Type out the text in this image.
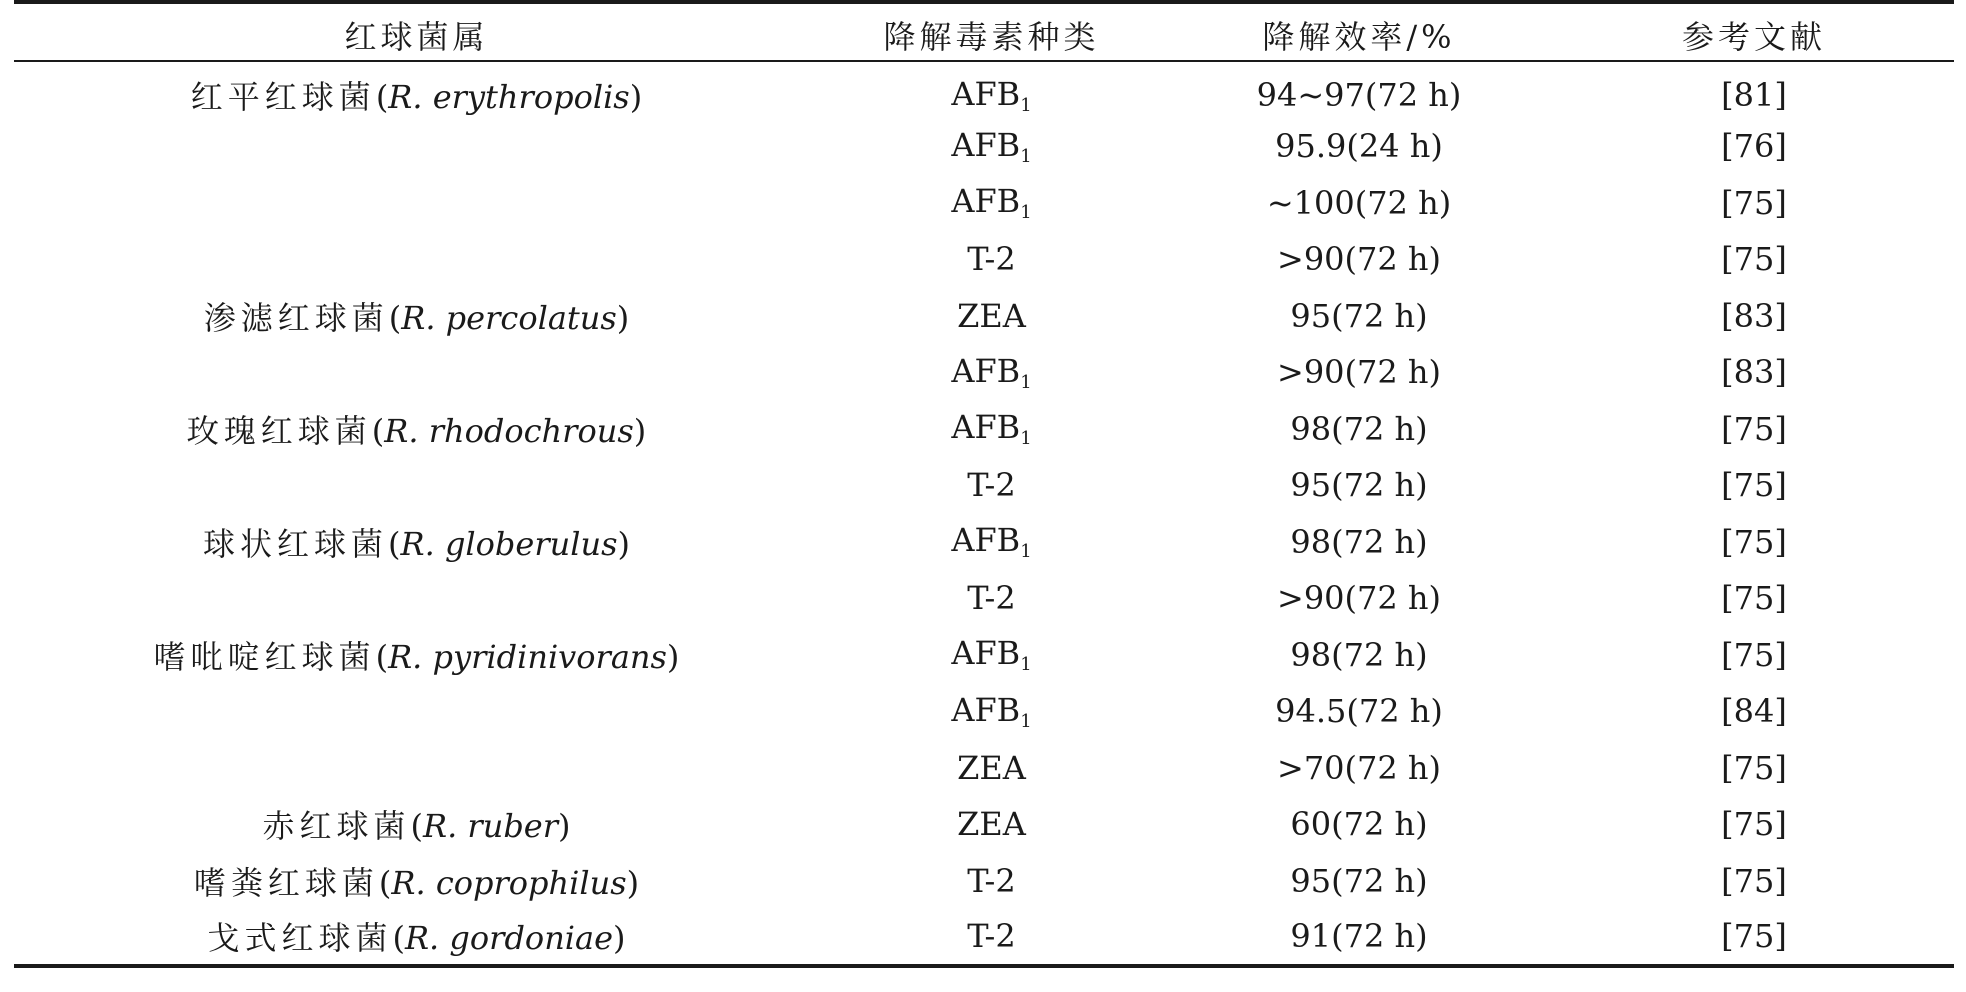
红球菌属	降解毒素种类	降解效率/%	参考文献
红平红球菌(R. erythropolis)	$AFB_1$	94~97(72 h)	[81]
	$AFB_1$	95.9(24 h)	[76]
	$AFB_1$	~100(72 h)	[75]
	T-2	>90(72 h)	[75]
渗滤红球菌(R. percolatus)	ZEA	95(72 h)	[83]
	$AFB_1$	>90(72 h)	[83]
玫瑰红球菌(R. rhodochrous)	$AFB_1$	98(72 h)	[75]
	T-2	95(72 h)	[75]
球状红球菌(R. globerulus)	$AFB_1$	98(72 h)	[75]
	T-2	>90(72 h)	[75]
嗜吡啶红球菌(R. pyridinivorans)	$AFB_1$	98(72 h)	[75]
	$AFB_1$	94.5(72 h)	[84]
	ZEA	>70(72 h)	[75]
赤红球菌(R. ruber)	ZEA	60(72 h)	[75]
嗜粪红球菌(R. coprophilus)	T-2	95(72 h)	[75]
戈式红球菌(R. gordoniae)	T-2	91(72 h)	[75]
